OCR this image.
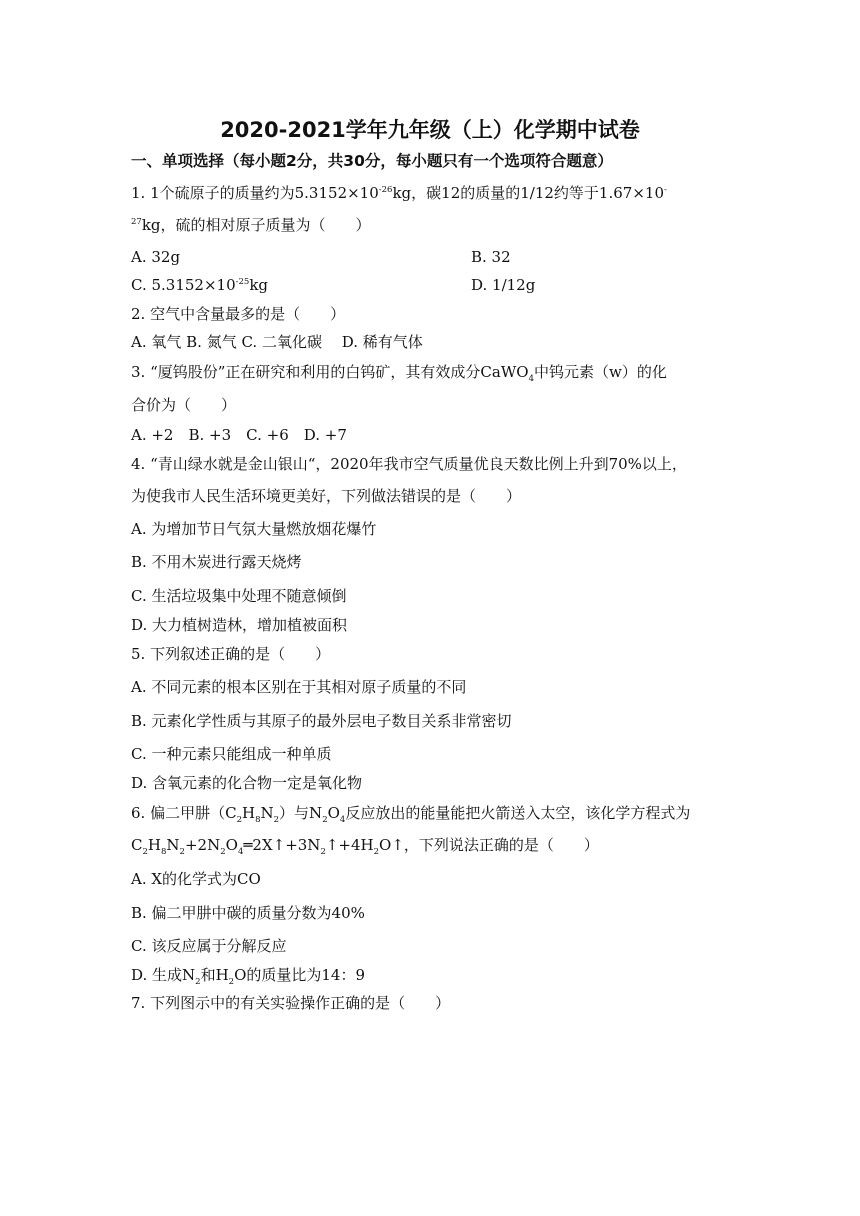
2020-2021学年九年级（上）化学期中试卷
一、单项选择（每小题2分，共30分，每小题只有一个选项符合题意）
1. 1个硫原子的质量约为$5.3152\times 10^{-26}kg$，碳12的质量的1/12约等于1.67×10-
$^{27}$kg，硫的相对原子质量为（　　）
A. 32g	B. 32
C. $5.3152\times 10^{-25}kg$	D. 1/12g
2. 空气中含量最多的是（　　）
A. 氧气 B. 氮气 C. 二氧化碳　 D. 稀有气体
3. “厦钨股份”正在研究和利用的白钨矿，其有效成分CaWO$_4$中钨元素（w）的化
合价为（　　）
A. +2　B. +3　C. +6　D. +7
4. “青山绿水就是金山银山“，2020年我市空气质量优良天数比例上升到70%以上，
为使我市人民生活环境更美好，下列做法错误的是（　　）
A. 为增加节日气氛大量燃放烟花爆竹
B. 不用木炭进行露天烧烤
C. 生活垃圾集中处理不随意倾倒
D. 大力植树造林，增加植被面积
5. 下列叙述正确的是（　　）
A. 不同元素的根本区别在于其相对原子质量的不同
B. 元素化学性质与其原子的最外层电子数目关系非常密切
C. 一种元素只能组成一种单质
D. 含氧元素的化合物一定是氧化物
6. 偏二甲肼$(C_2H_8N_2)$与$N_2O_4$反应放出的能量能把火箭送入太空，该化学方程式为
$C_2H_8N_2+2N_2O_4═2X↑+3N_2↑+4H_2O↑$，下列说法正确的是（　　）
A. X的化学式为CO
B. 偏二甲肼中碳的质量分数为40%
C. 该反应属于分解反应
D. 生成$N_2$和$H_2O$的质量比为14：9
7. 下列图示中的有关实验操作正确的是（　　）
